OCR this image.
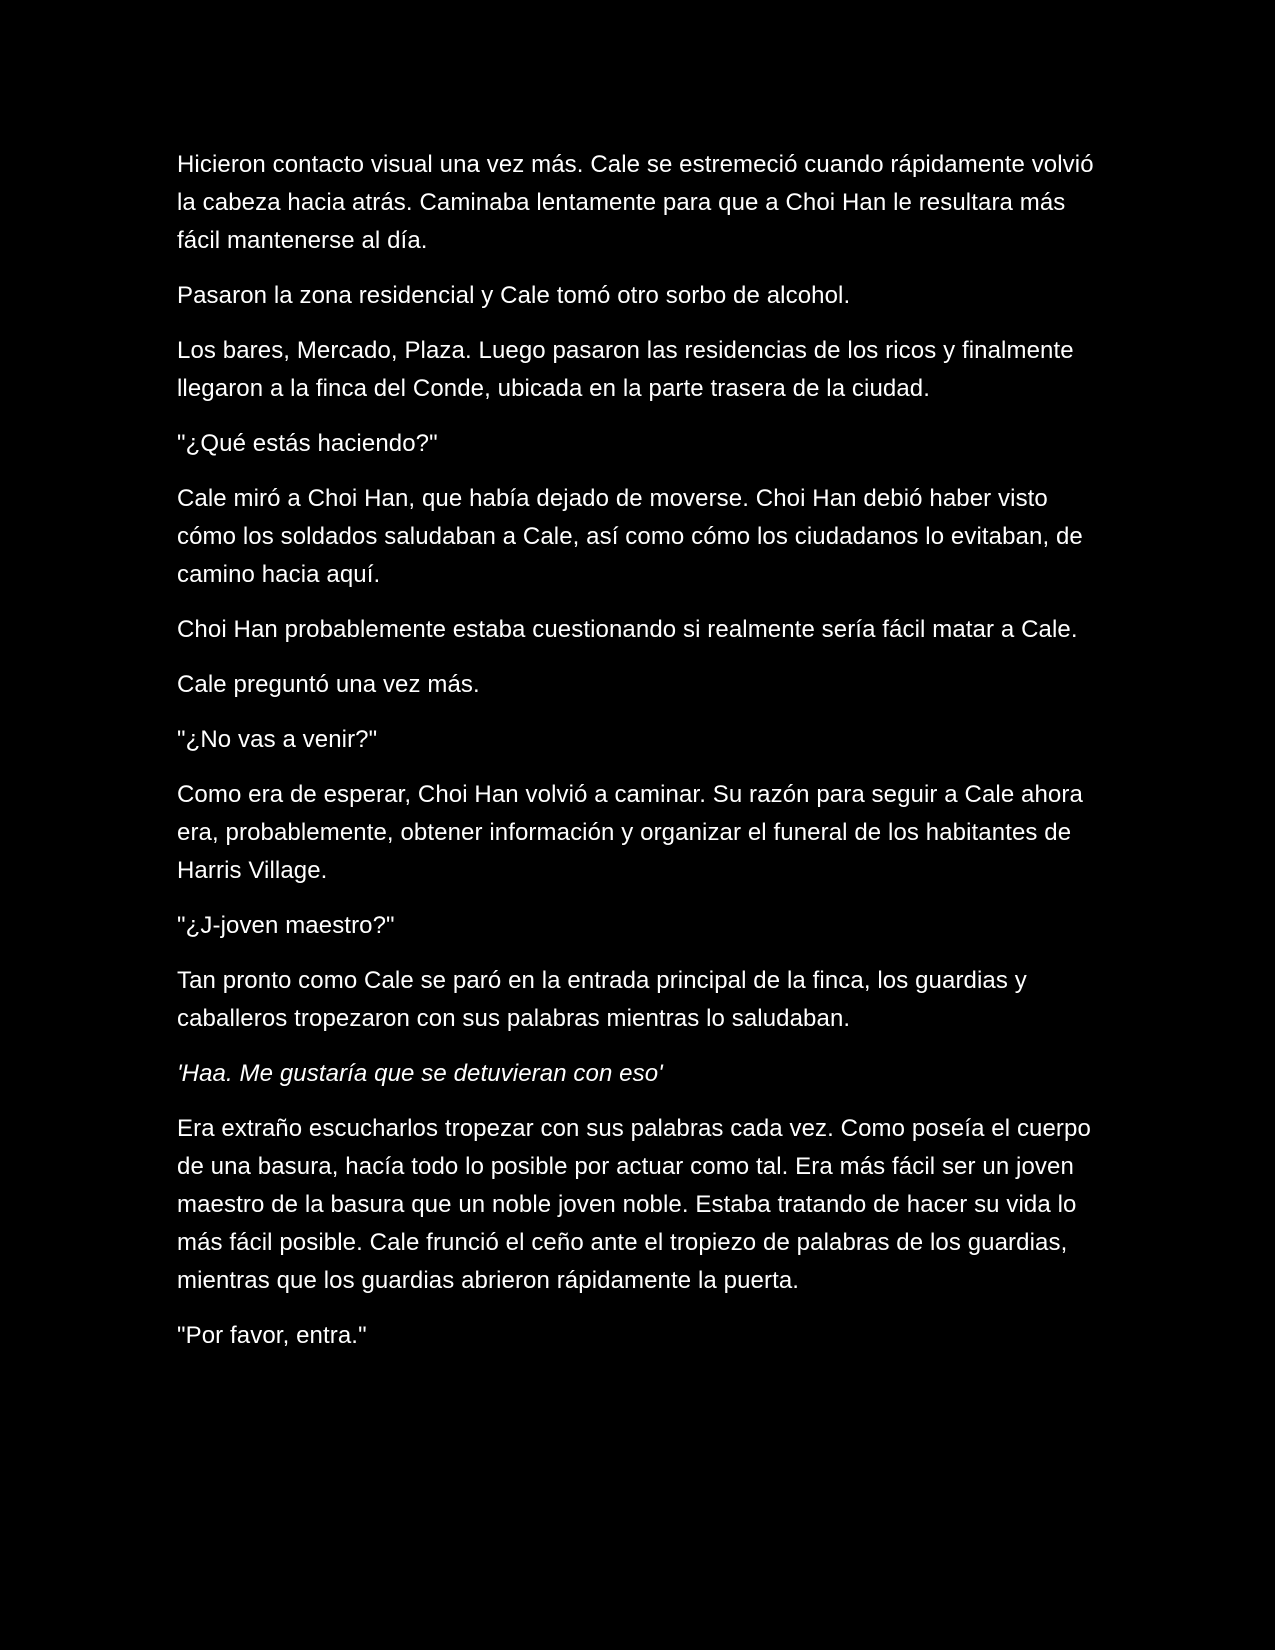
Hicieron contacto visual una vez más. Cale se estremeció cuando rápidamente volvió la cabeza hacia atrás. Caminaba lentamente para que a Choi Han le resultara más fácil mantenerse al día.

Pasaron la zona residencial y Cale tomó otro sorbo de alcohol.

Los bares, Mercado, Plaza. Luego pasaron las residencias de los ricos y finalmente llegaron a la finca del Conde, ubicada en la parte trasera de la ciudad.

"¿Qué estás haciendo?"

Cale miró a Choi Han, que había dejado de moverse. Choi Han debió haber visto cómo los soldados saludaban a Cale, así como cómo los ciudadanos lo evitaban, de camino hacia aquí.

Choi Han probablemente estaba cuestionando si realmente sería fácil matar a Cale.

Cale preguntó una vez más.

"¿No vas a venir?"

Como era de esperar, Choi Han volvió a caminar. Su razón para seguir a Cale ahora era, probablemente, obtener información y organizar el funeral de los habitantes de Harris Village.

"¿J-joven maestro?"

Tan pronto como Cale se paró en la entrada principal de la finca, los guardias y caballeros tropezaron con sus palabras mientras lo saludaban.

'Haa. Me gustaría que se detuvieran con eso'

Era extraño escucharlos tropezar con sus palabras cada vez. Como poseía el cuerpo de una basura, hacía todo lo posible por actuar como tal. Era más fácil ser un joven maestro de la basura que un noble joven noble. Estaba tratando de hacer su vida lo más fácil posible. Cale frunció el ceño ante el tropiezo de palabras de los guardias, mientras que los guardias abrieron rápidamente la puerta.

"Por favor, entra."
